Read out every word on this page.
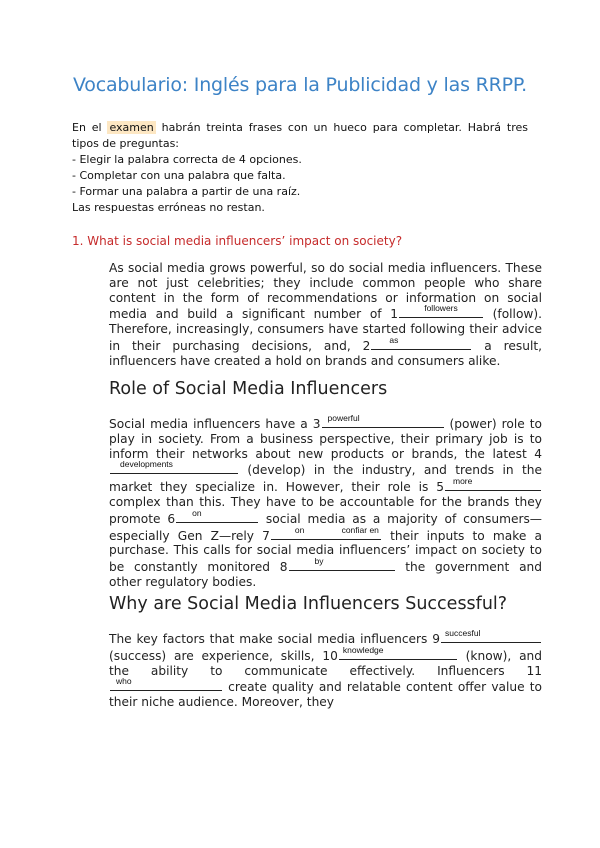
Vocabulario: Inglés para la Publicidad y las RRPP.
En el examen habrán treinta frases con un hueco para completar. Habrá tres tipos de preguntas:
- Elegir la palabra correcta de 4 opciones.
- Completar con una palabra que falta.
- Formar una palabra a partir de una raíz.
Las respuestas erróneas no restan.
1. What is social media influencers’ impact on society?
As social media grows powerful, so do social media influencers. These are not just celebrities; they include common people who share content in the form of recommendations or information on social media and build a significant number of 1	followers	(follow). Therefore, increasingly, consumers have started following their advice in their purchasing decisions, and, 2 as	a result, influencers have created a hold on brands and consumers alike.
Role of Social Media Influencers
Social media influencers have a 3 powerful	(power) role to play in society. From a business perspective, their primary job is to inform their networks about new products or brands, the latest 4
developments	(develop) in the industry, and trends in the market they specialize in. However, their role is 5 more
complex than this. They have to be accountable for the brands they promote 6 on	social media as a majority of consumers—especially Gen Z—rely 7	on	confiar en their inputs to make a purchase. This calls for social media influencers’ impact on society to be constantly monitored 8	by	the government and other regulatory bodies.
Why are Social Media Influencers Successful?
The key factors that make social media influencers 9 succesful
(success) are experience, skills, 10 knowledge	(know), and the ability to communicate effectively. Influencers 11
who	create quality and relatable content offer value to their niche audience. Moreover, they
